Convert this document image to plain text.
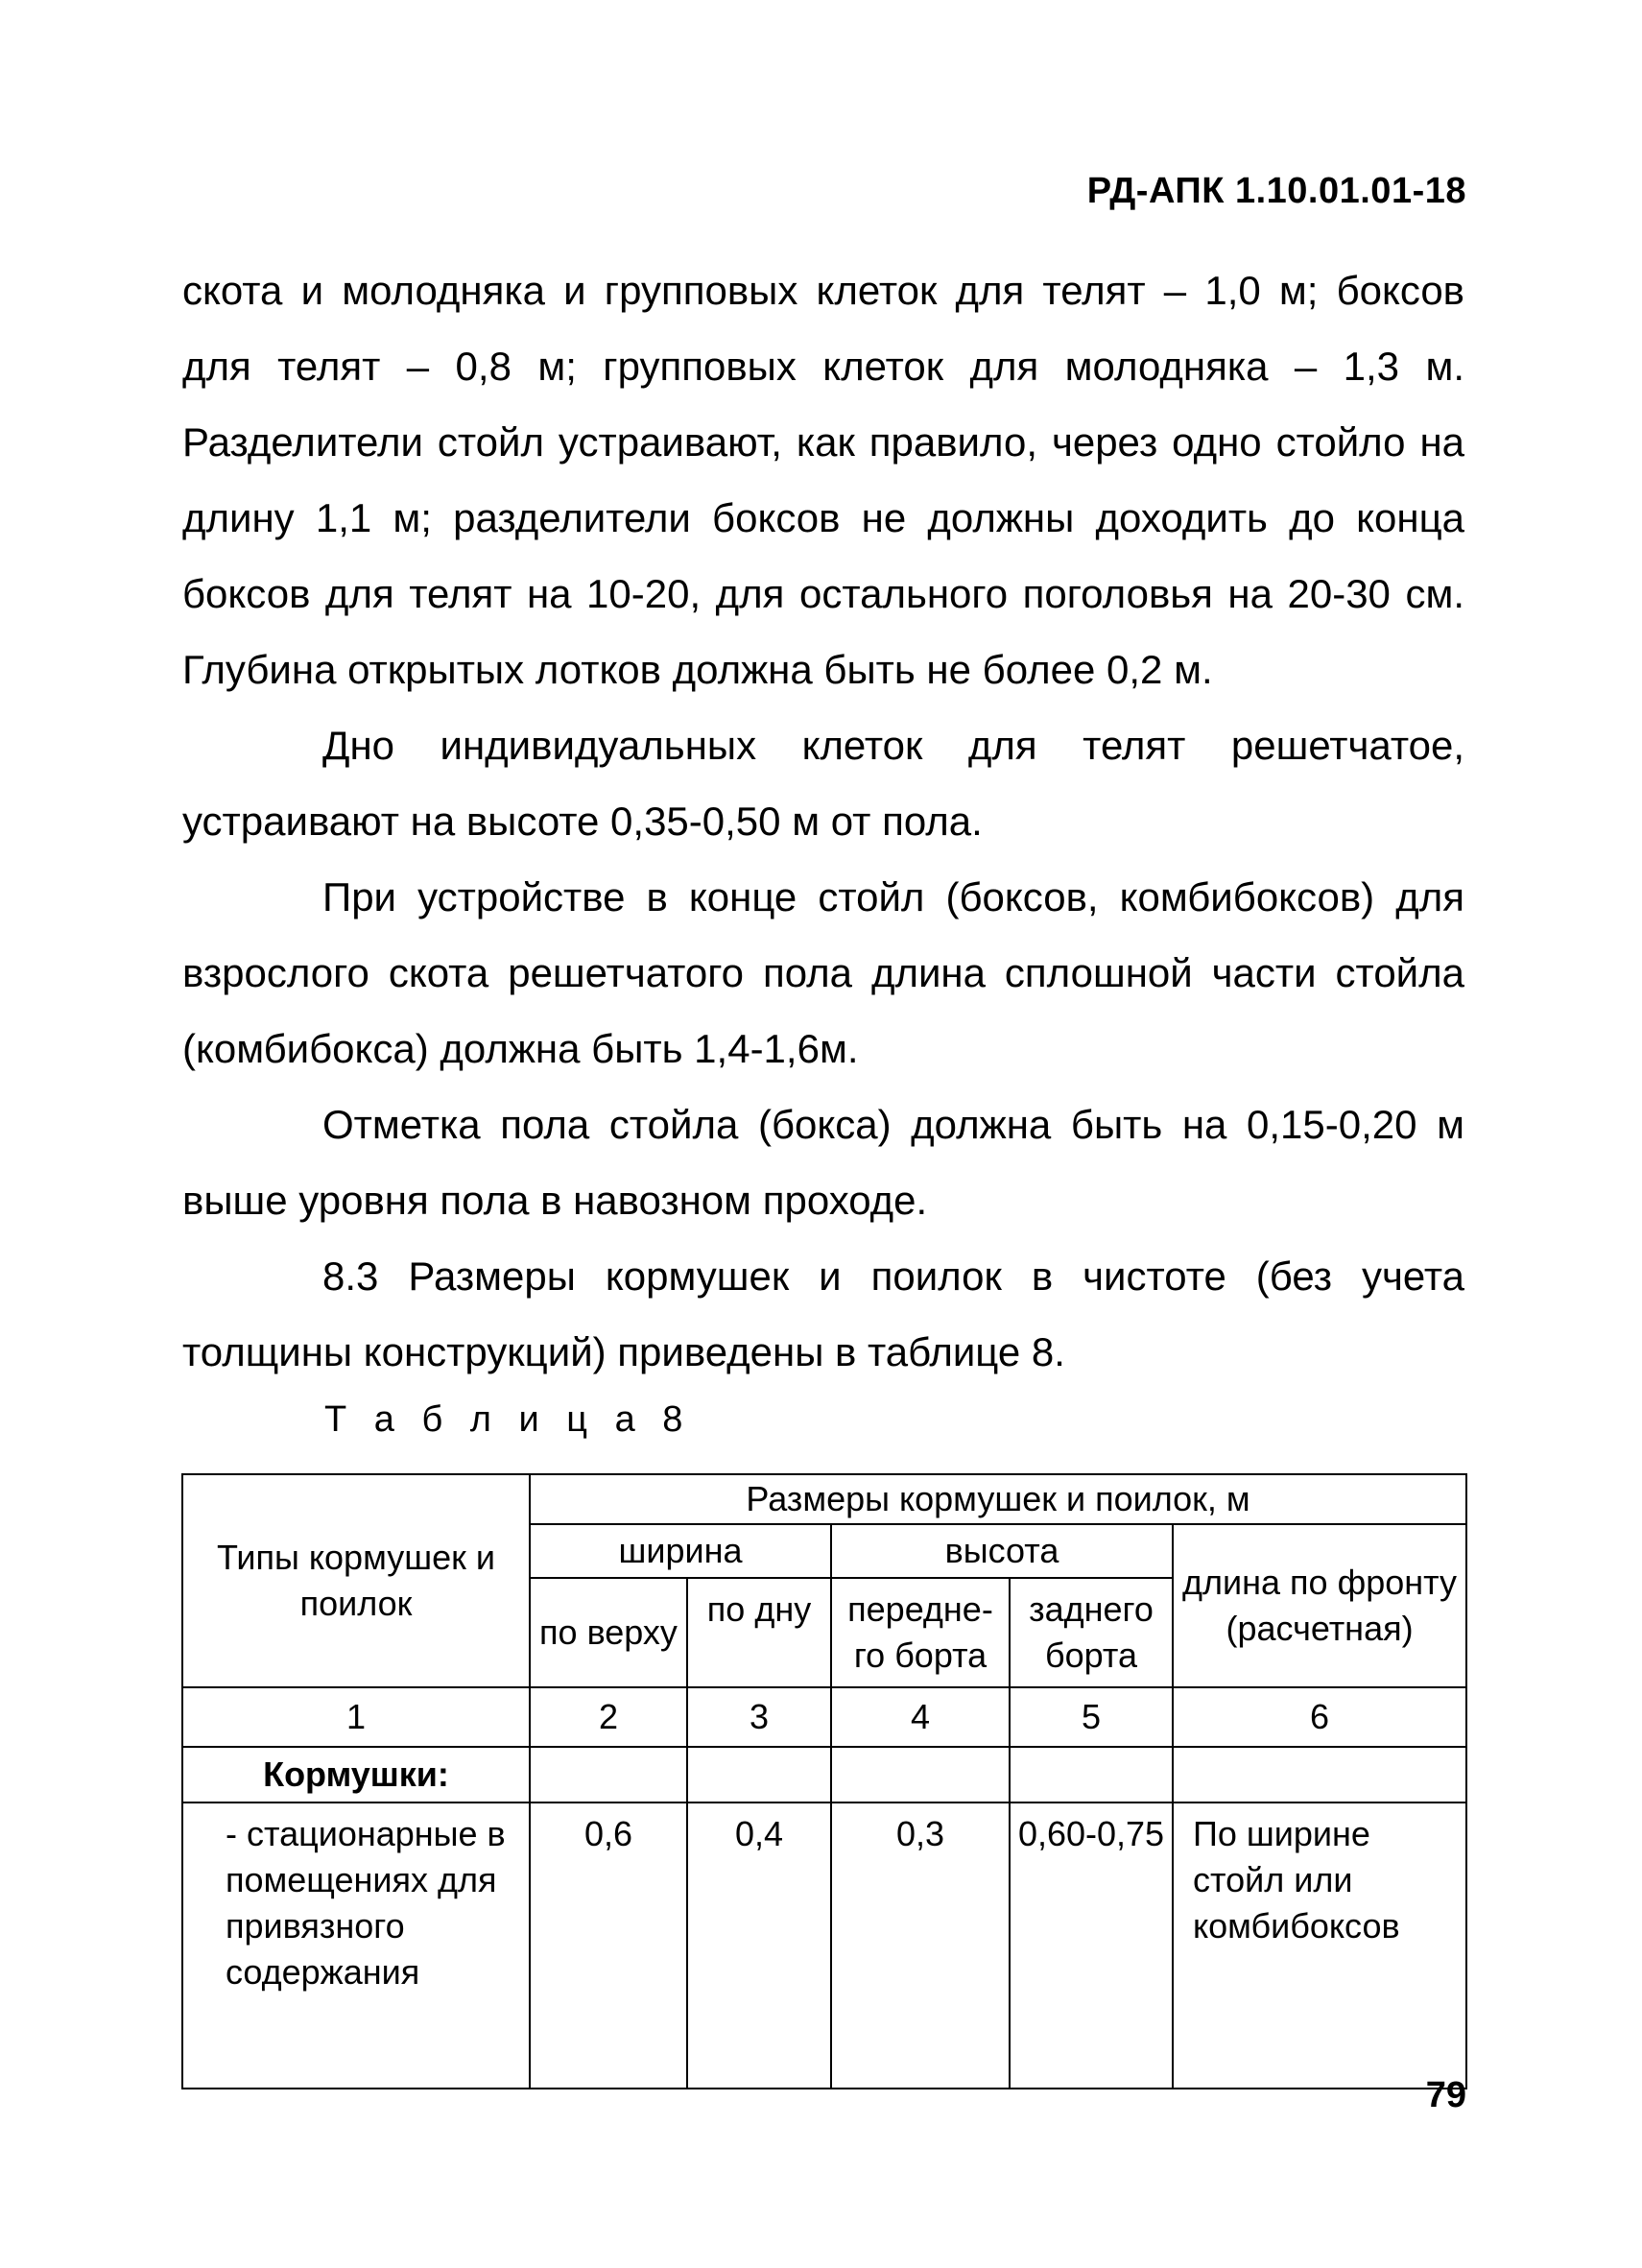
РД-АПК 1.10.01.01-18

скота и молодняка и групповых клеток для телят – 1,0 м; боксов для телят – 0,8 м; групповых клеток для молодняка – 1,3 м. Разделители стойл устраивают, как правило, через одно стойло на длину 1,1 м; разделители боксов не должны доходить до конца боксов для телят на 10-20, для остального поголовья на 20-30 см. Глубина открытых лотков должна быть не более 0,2 м.

Дно индивидуальных клеток для телят решетчатое, устраивают на высоте 0,35-0,50 м от пола.

При устройстве в конце стойл (боксов, комбибоксов) для взрослого скота решетчатого пола длина сплошной части стойла (комбибокса) должна быть 1,4-1,6м.

Отметка пола стойла (бокса) должна быть на 0,15-0,20 м выше уровня пола в навозном проходе.

8.3 Размеры кормушек и поилок в чистоте (без учета толщины конструкций) приведены в таблице 8.

Т а б л и ц а 8
Типы кормушек и поилок	Размеры кормушек и поилок, м				
	ширина		высота		длина по фронту (расчетная)
	по верху	по дну	передне-го борта	заднего борта	

1	2	3	4	5	6
Кормушки:					
- стационарные в помещениях для привязного содержания	0,6	0,4	0,3	0,60-0,75	По ширине стойл или комбибоксов
79
